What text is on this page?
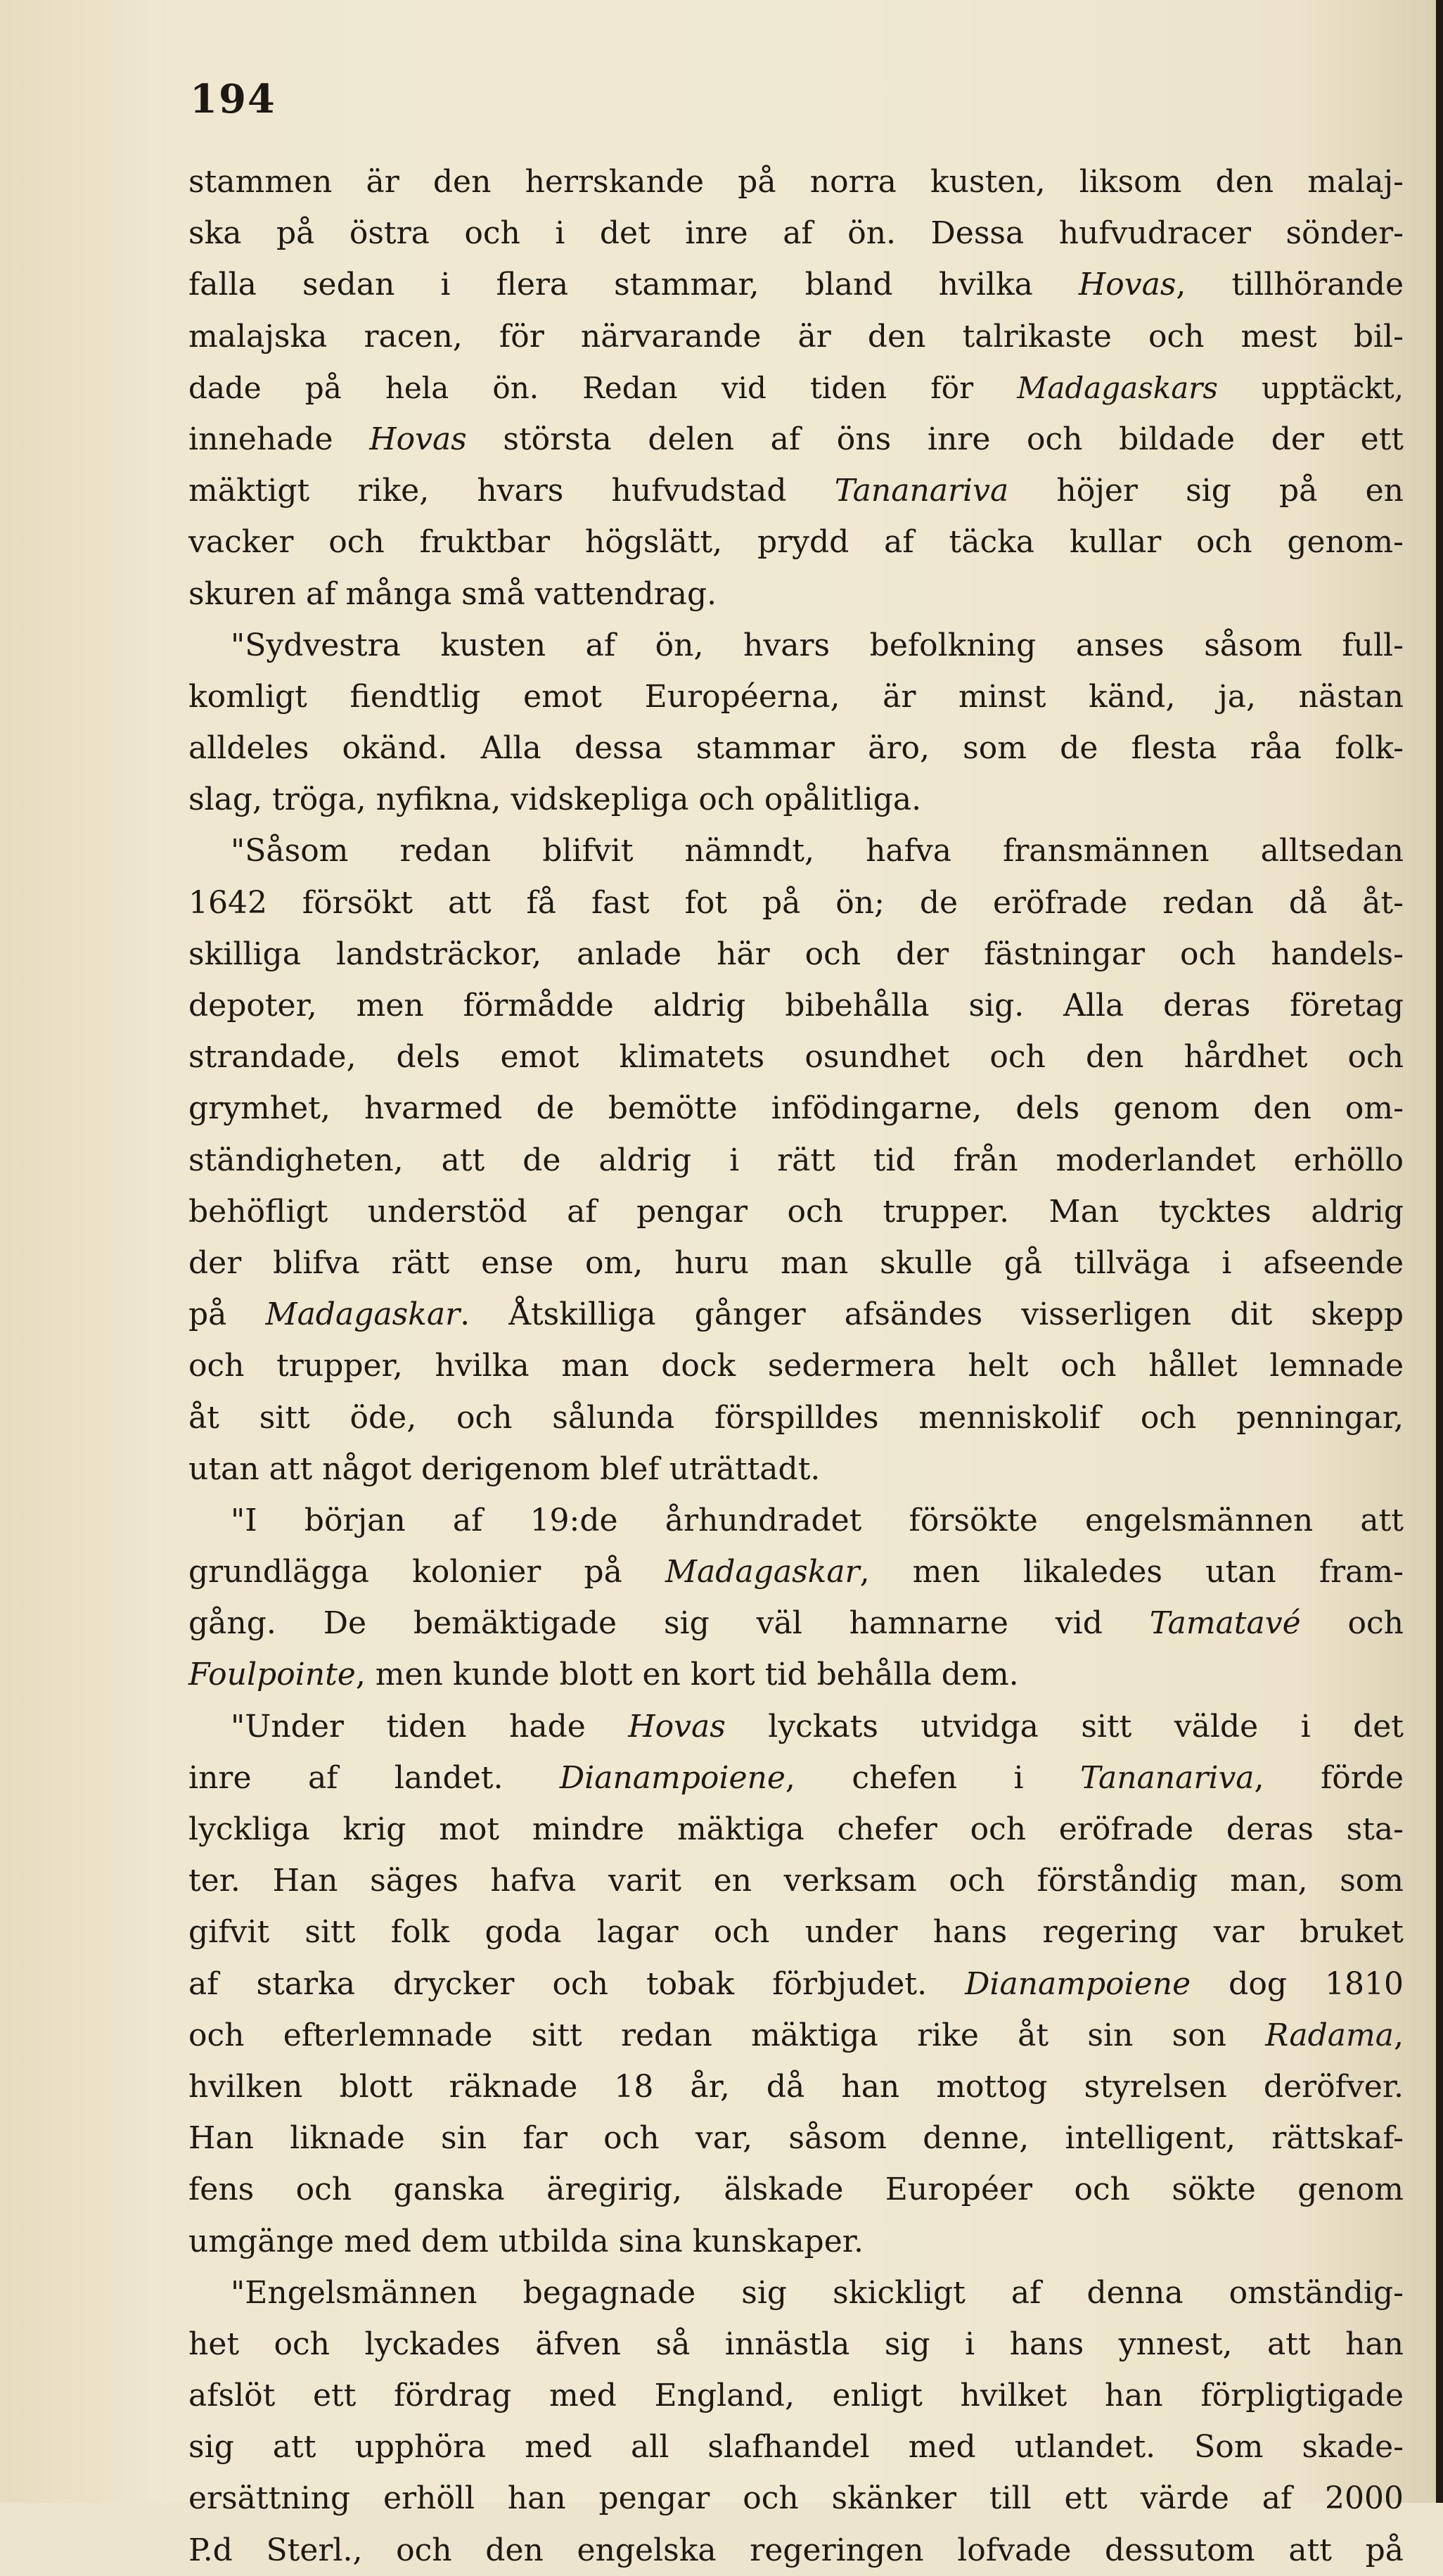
194
stammen är den herrskande på norra kusten, liksom den malaj-
ska på östra och i det inre af ön. Dessa hufvudracer sönder-
falla sedan i flera stammar, bland hvilka Hovas, tillhörande
malajska racen, för närvarande är den talrikaste och mest bil-
dade på hela ön. Redan vid tiden för Madagaskars upptäckt,
innehade Hovas största delen af öns inre och bildade der ett
mäktigt rike, hvars hufvudstad Tananariva höjer sig på en
vacker och fruktbar högslätt, prydd af täcka kullar och genom-
skuren af många små vattendrag.
"Sydvestra kusten af ön, hvars befolkning anses såsom full-
komligt fiendtlig emot Européerna, är minst känd, ja, nästan
alldeles okänd. Alla dessa stammar äro, som de flesta råa folk-
slag, tröga, nyfikna, vidskepliga och opålitliga.
"Såsom redan blifvit nämndt, hafva fransmännen alltsedan
1642 försökt att få fast fot på ön; de eröfrade redan då åt-
skilliga landsträckor, anlade här och der fästningar och handels-
depoter, men förmådde aldrig bibehålla sig. Alla deras företag
strandade, dels emot klimatets osundhet och den hårdhet och
grymhet, hvarmed de bemötte infödingarne, dels genom den om-
ständigheten, att de aldrig i rätt tid från moderlandet erhöllo
behöfligt understöd af pengar och trupper. Man tycktes aldrig
der blifva rätt ense om, huru man skulle gå tillväga i afseende
på Madagaskar. Åtskilliga gånger afsändes visserligen dit skepp
och trupper, hvilka man dock sedermera helt och hållet lemnade
åt sitt öde, och sålunda förspilldes menniskolif och penningar,
utan att något derigenom blef uträttadt.
"I början af 19:de århundradet försökte engelsmännen att
grundlägga kolonier på Madagaskar, men likaledes utan fram-
gång. De bemäktigade sig väl hamnarne vid Tamatavé och
Foulpointe, men kunde blott en kort tid behålla dem.
"Under tiden hade Hovas lyckats utvidga sitt välde i det
inre af landet. Dianampoiene, chefen i Tananariva, förde
lyckliga krig mot mindre mäktiga chefer och eröfrade deras sta-
ter. Han säges hafva varit en verksam och förståndig man, som
gifvit sitt folk goda lagar och under hans regering var bruket
af starka drycker och tobak förbjudet. Dianampoiene dog 1810
och efterlemnade sitt redan mäktiga rike åt sin son Radama,
hvilken blott räknade 18 år, då han mottog styrelsen deröfver.
Han liknade sin far och var, såsom denne, intelligent, rättskaf-
fens och ganska äregirig, älskade Européer och sökte genom
umgänge med dem utbilda sina kunskaper.
"Engelsmännen begagnade sig skickligt af denna omständig-
het och lyckades äfven så innästla sig i hans ynnest, att han
afslöt ett fördrag med England, enligt hvilket han förpligtigade
sig att upphöra med all slafhandel med utlandet. Som skade-
ersättning erhöll han pengar och skänker till ett värde af 2000
P.d Sterl., och den engelska regeringen lofvade dessutom att på
